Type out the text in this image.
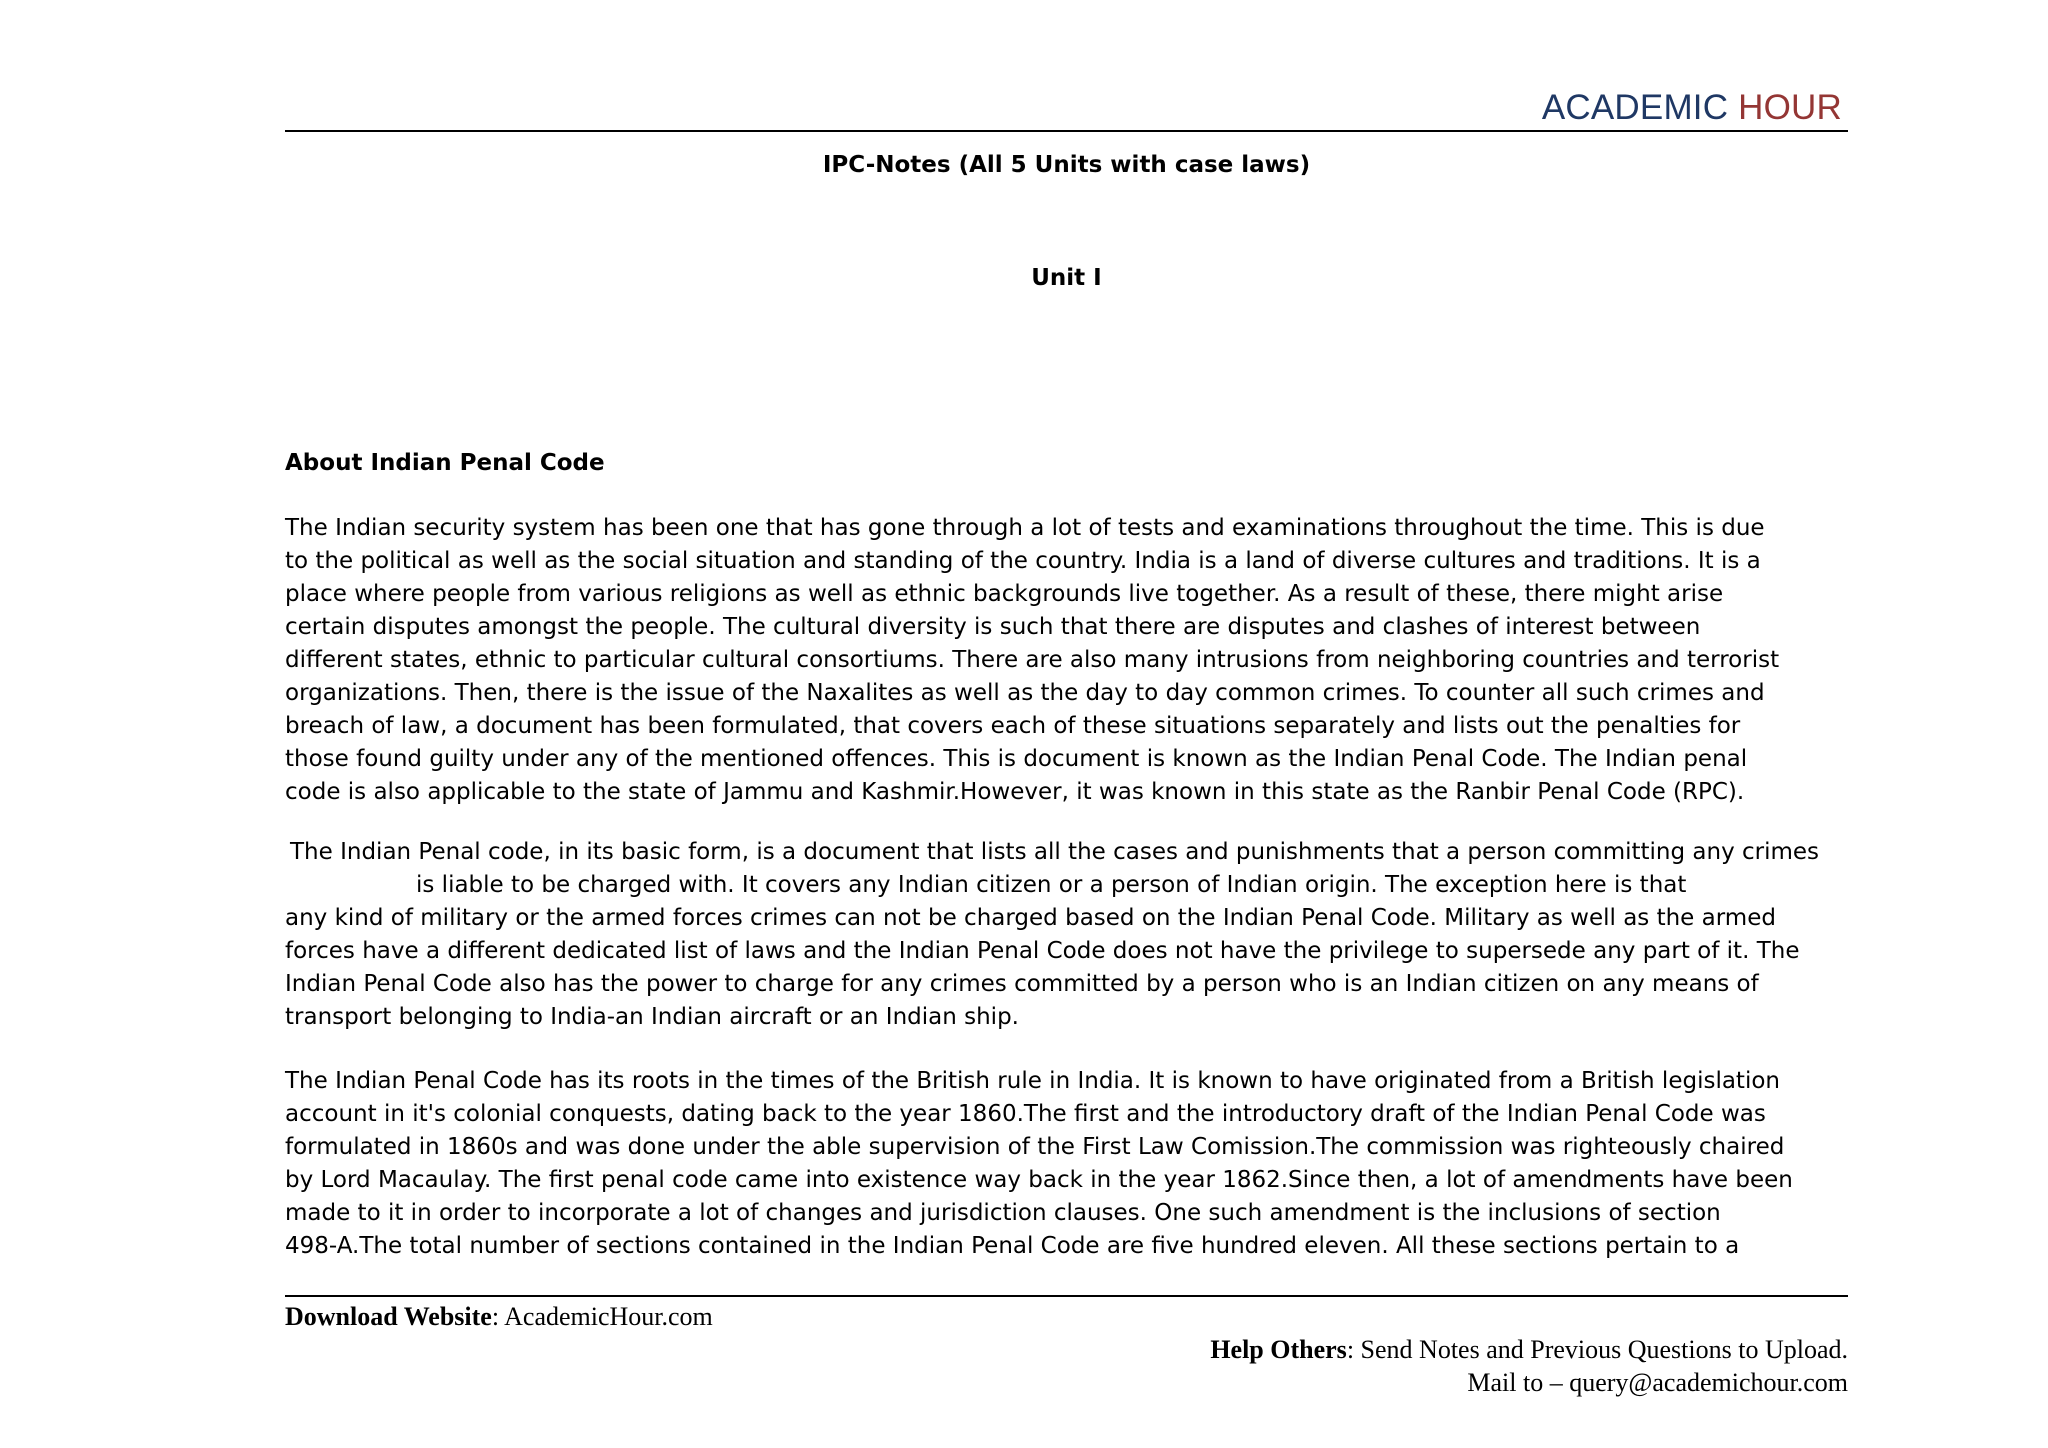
ACADEMIC HOUR
IPC-Notes (All 5 Units with case laws)
Unit I
About Indian Penal Code
The Indian security system has been one that has gone through a lot of tests and examinations throughout the time. This is due
to the political as well as the social situation and standing of the country. India is a land of diverse cultures and traditions. It is a
place where people from various religions as well as ethnic backgrounds live together. As a result of these, there might arise
certain disputes amongst the people. The cultural diversity is such that there are disputes and clashes of interest between
different states, ethnic to particular cultural consortiums. There are also many intrusions from neighboring countries and terrorist
organizations. Then, there is the issue of the Naxalites as well as the day to day common crimes. To counter all such crimes and
breach of law, a document has been formulated, that covers each of these situations separately and lists out the penalties for
those found guilty under any of the mentioned offences. This is document is known as the Indian Penal Code. The Indian penal
code is also applicable to the state of Jammu and Kashmir.However, it was known in this state as the Ranbir Penal Code (RPC).
The Indian Penal code, in its basic form, is a document that lists all the cases and punishments that a person committing any crimes
is liable to be charged with. It covers any Indian citizen or a person of Indian origin. The exception here is that
any kind of military or the armed forces crimes can not be charged based on the Indian Penal Code. Military as well as the armed
forces have a different dedicated list of laws and the Indian Penal Code does not have the privilege to supersede any part of it. The
Indian Penal Code also has the power to charge for any crimes committed by a person who is an Indian citizen on any means of
transport belonging to India-an Indian aircraft or an Indian ship.
The Indian Penal Code has its roots in the times of the British rule in India. It is known to have originated from a British legislation
account in it's colonial conquests, dating back to the year 1860.The first and the introductory draft of the Indian Penal Code was
formulated in 1860s and was done under the able supervision of the First Law Comission.The commission was righteously chaired
by Lord Macaulay. The first penal code came into existence way back in the year 1862.Since then, a lot of amendments have been
made to it in order to incorporate a lot of changes and jurisdiction clauses. One such amendment is the inclusions of section
498-A.The total number of sections contained in the Indian Penal Code are five hundred eleven. All these sections pertain to a
Download Website: AcademicHour.com
Help Others: Send Notes and Previous Questions to Upload.
Mail to – query@academichour.com
